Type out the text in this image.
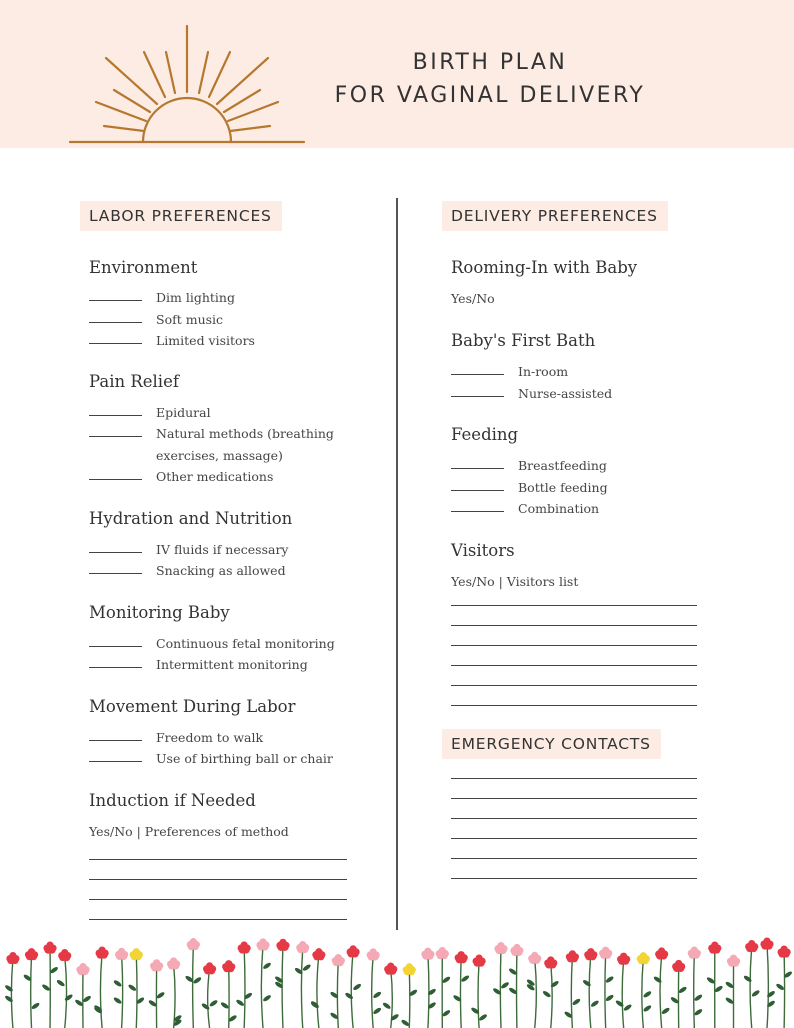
BIRTH PLAN
FOR VAGINAL DELIVERY
LABOR PREFERENCES
Environment
Dim lighting
Soft music
Limited visitors
Pain Relief
Epidural
Natural methods (breathing exercises, massage)
Other medications
Hydration and Nutrition
IV fluids if necessary
Snacking as allowed
Monitoring Baby
Continuous fetal monitoring
Intermittent monitoring
Movement During Labor
Freedom to walk
Use of birthing ball or chair
Induction if Needed
Yes/No | Preferences of method
DELIVERY PREFERENCES
Rooming-In with Baby
Yes/No
Baby's First Bath
In-room
Nurse-assisted
Feeding
Breastfeeding
Bottle feeding
Combination
Visitors
Yes/No | Visitors list
EMERGENCY CONTACTS
